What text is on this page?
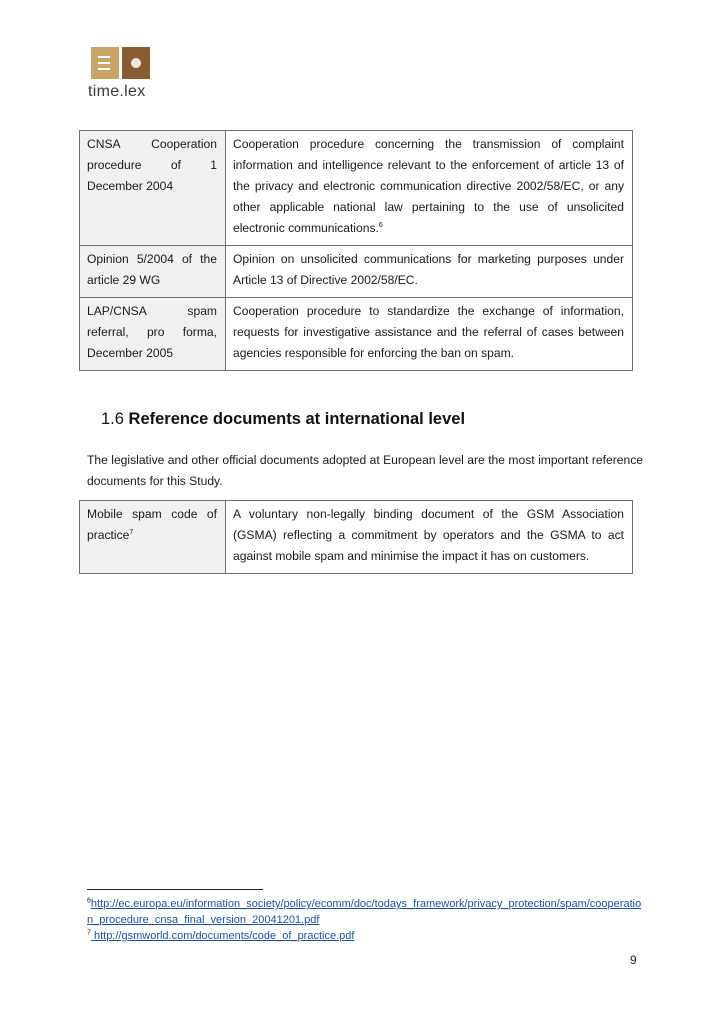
time.lex
CNSA Cooperation procedure of 1 December 2004	Cooperation procedure concerning the transmission of complaint information and intelligence relevant to the enforcement of article 13 of the privacy and electronic communication directive 2002/58/EC, or any other applicable national law pertaining to the use of unsolicited electronic communications.$^6$
Opinion 5/2004 of the article 29 WG	Opinion on unsolicited communications for marketing purposes under Article 13 of Directive 2002/58/EC.
LAP/CNSA spam referral, pro forma, December 2005	Cooperation procedure to standardize the exchange of information, requests for investigative assistance and the referral of cases between agencies responsible for enforcing the ban on spam.
1.6 Reference documents at international level
The legislative and other official documents adopted at European level are the most important reference documents for this Study.
Mobile spam code of practice$^7$	A voluntary non-legally binding document of the GSM Association (GSMA) reflecting a commitment by operators and the GSMA to act against mobile spam and minimise the impact it has on customers.

$^6$http://ec.europa.eu/information_society/policy/ecomm/doc/todays_framework/privacy_protection/spam/cooperation_procedure_cnsa_final_version_20041201.pdf

$^7$ http://gsmworld.com/documents/code_of_practice.pdf

9
